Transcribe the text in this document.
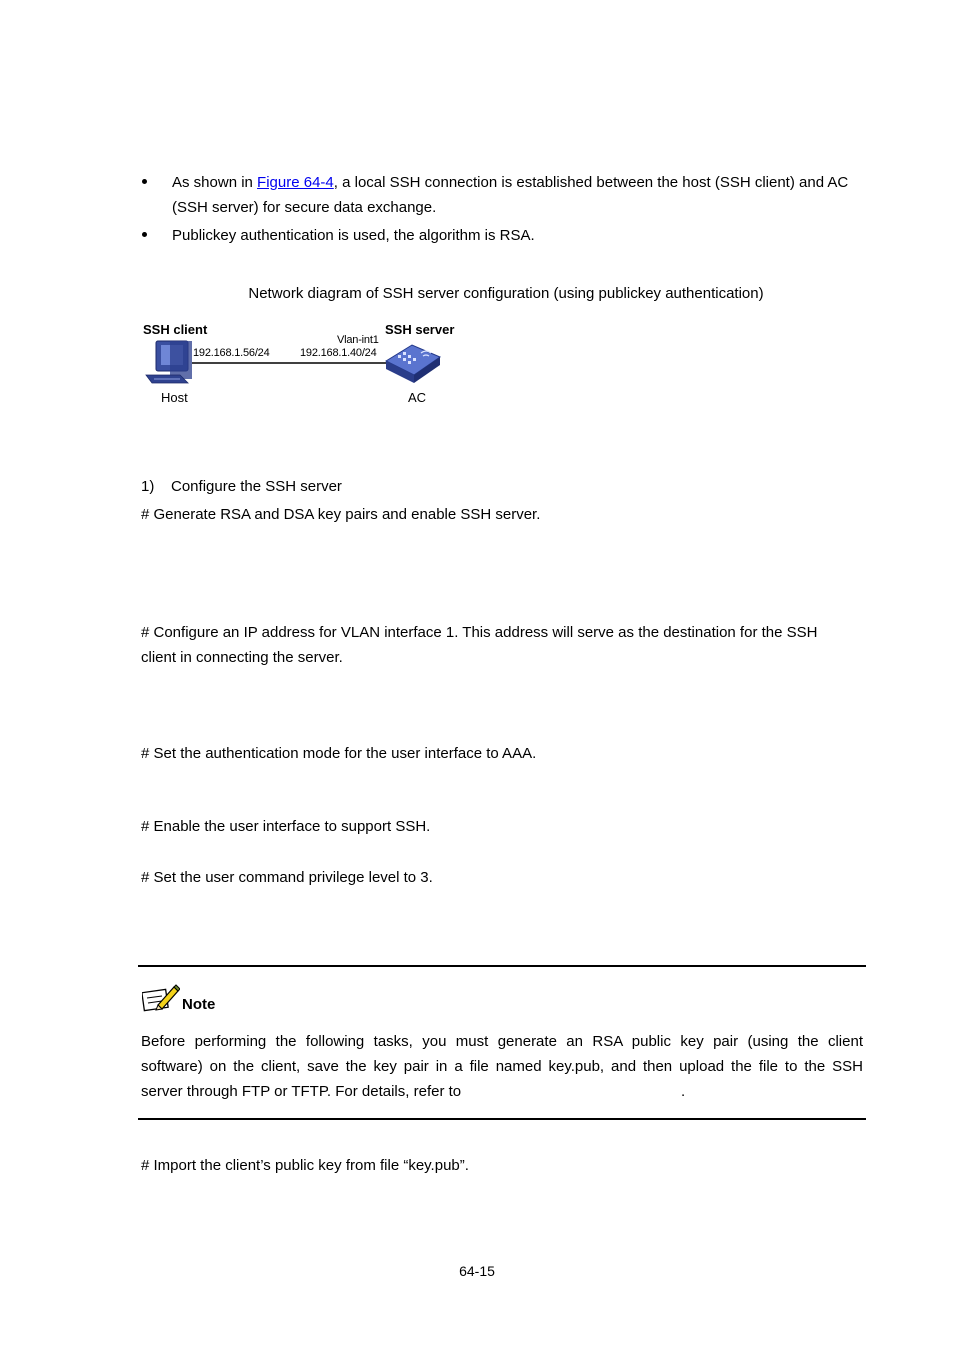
As shown in Figure 64-4, a local SSH connection is established between the host (SSH client) and AC (SSH server) for secure data exchange.
Publickey authentication is used, the algorithm is RSA.
Network diagram of SSH server configuration (using publickey authentication)
SSH client	SSH server
Vlan-int1
192.168.1.56/24	192.168.1.40/24
Host	AC
1)    Configure the SSH server
# Generate RSA and DSA key pairs and enable SSH server.
# Configure an IP address for VLAN interface 1. This address will serve as the destination for the SSH
client in connecting the server.
# Set the authentication mode for the user interface to AAA.
# Enable the user interface to support SSH.
# Set the user command privilege level to 3.
Note
Before performing the following tasks, you must generate an RSA public key pair (using the client
software) on the client, save the key pair in a file named key.pub, and then upload the file to the SSH
server through FTP or TFTP. For details, refer to	.
# Import the client’s public key from file “key.pub”.
64-15
